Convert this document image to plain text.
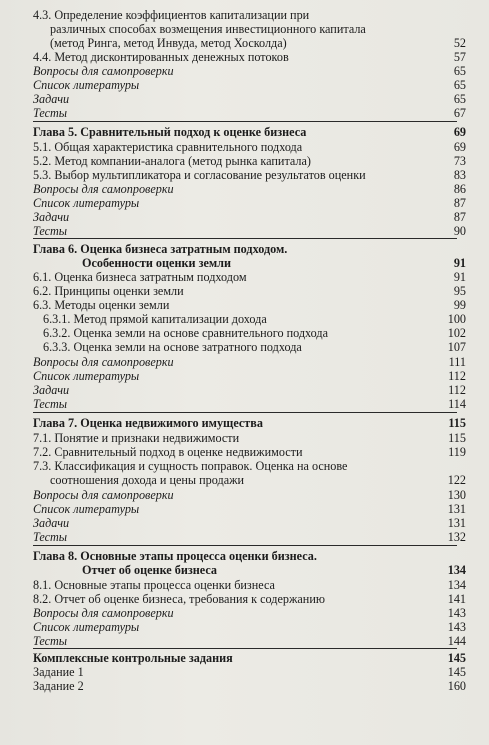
4.3. Определение коэффициентов капитализации при
различных способах возмещения инвестиционного капитала
(метод Ринга, метод Инвуда, метод Хосколда)	52
4.4. Метод дисконтированных денежных потоков	57
Вопросы для самопроверки	65
Список литературы	65
Задачи	65
Тесты	67
Глава 5. Сравнительный подход к оценке бизнеса	69
5.1. Общая характеристика сравнительного подхода	69
5.2. Метод компании-аналога (метод рынка капитала)	73
5.3. Выбор мультипликатора и согласование результатов оценки	83
Вопросы для самопроверки	86
Список литературы	87
Задачи	87
Тесты	90
Глава 6. Оценка бизнеса затратным подходом.
Особенности оценки земли	91
6.1. Оценка бизнеса затратным подходом	91
6.2. Принципы оценки земли	95
6.3. Методы оценки земли	99
6.3.1. Метод прямой капитализации дохода	100
6.3.2. Оценка земли на основе сравнительного подхода	102
6.3.3. Оценка земли на основе затратного подхода	107
Вопросы для самопроверки	111
Список литературы	112
Задачи	112
Тесты	114
Глава 7. Оценка недвижимого имущества	115
7.1. Понятие и признаки недвижимости	115
7.2. Сравнительный подход в оценке недвижимости	119
7.3. Классификация и сущность поправок. Оценка на основе
соотношения дохода и цены продажи	122
Вопросы для самопроверки	130
Список литературы	131
Задачи	131
Тесты	132
Глава 8. Основные этапы процесса оценки бизнеса.
Отчет об оценке бизнеса	134
8.1. Основные этапы процесса оценки бизнеса	134
8.2. Отчет об оценке бизнеса, требования к содержанию	141
Вопросы для самопроверки	143
Список литературы	143
Тесты	144
Комплексные контрольные задания	145
Задание 1	145
Задание 2	160
